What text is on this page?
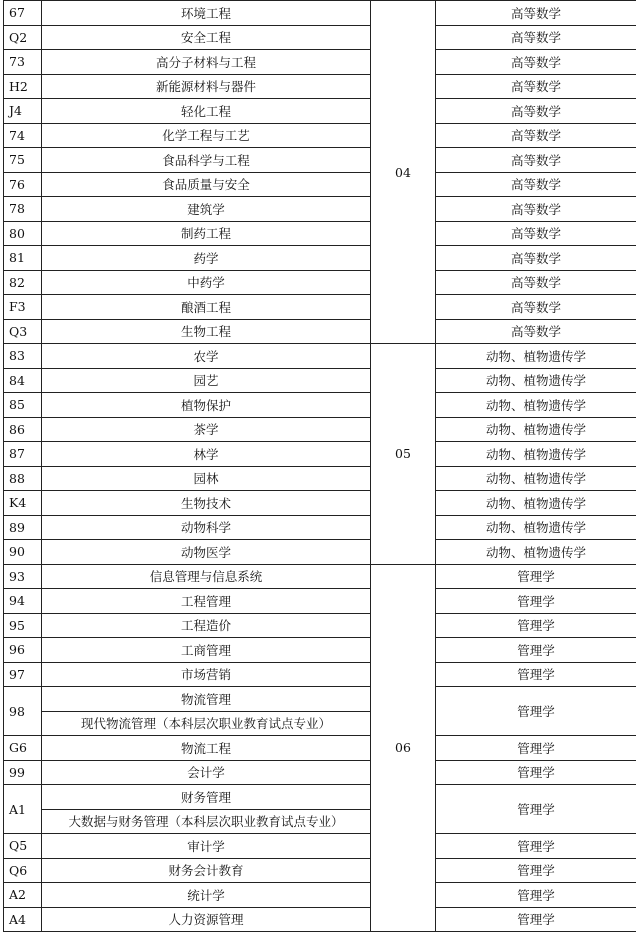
67	环境工程	04	高等数学
Q2	安全工程		高等数学
73	高分子材料与工程		高等数学
H2	新能源材料与器件		高等数学
J4	轻化工程		高等数学
74	化学工程与工艺		高等数学
75	食品科学与工程		高等数学
76	食品质量与安全		高等数学
78	建筑学		高等数学
80	制药工程		高等数学
81	药学		高等数学
82	中药学		高等数学
F3	酿酒工程		高等数学
Q3	生物工程		高等数学
83	农学	05	动物、植物遗传学
84	园艺		动物、植物遗传学
85	植物保护		动物、植物遗传学
86	茶学		动物、植物遗传学
87	林学		动物、植物遗传学
88	园林		动物、植物遗传学
K4	生物技术		动物、植物遗传学
89	动物科学		动物、植物遗传学
90	动物医学		动物、植物遗传学
93	信息管理与信息系统	06	管理学
94	工程管理		管理学
95	工程造价		管理学
96	工商管理		管理学
97	市场营销		管理学
98	物流管理		管理学
	现代物流管理（本科层次职业教育试点专业）		
G6	物流工程		管理学
99	会计学		管理学
A1	财务管理		管理学
	大数据与财务管理（本科层次职业教育试点专业）		
Q5	审计学		管理学
Q6	财务会计教育		管理学
A2	统计学		管理学
A4	人力资源管理		管理学
